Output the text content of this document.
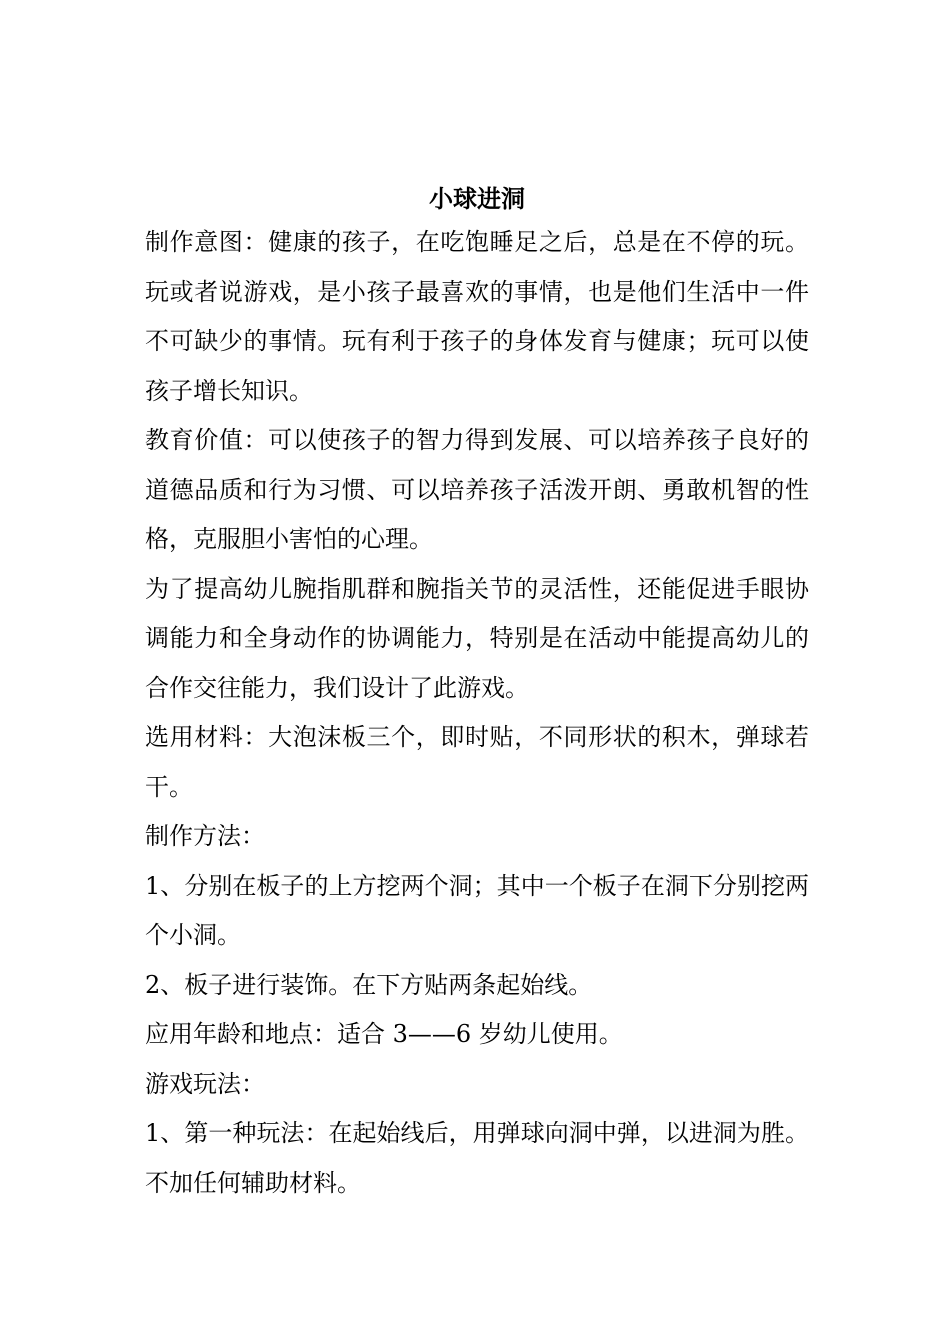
小球进洞

制作意图：健康的孩子，在吃饱睡足之后，总是在不停的玩。玩或者说游戏，是小孩子最喜欢的事情，也是他们生活中一件不可缺少的事情。玩有利于孩子的身体发育与健康；玩可以使孩子增长知识。

教育价值：可以使孩子的智力得到发展、可以培养孩子良好的道德品质和行为习惯、可以培养孩子活泼开朗、勇敢机智的性格，克服胆小害怕的心理。

为了提高幼儿腕指肌群和腕指关节的灵活性，还能促进手眼协调能力和全身动作的协调能力，特别是在活动中能提高幼儿的合作交往能力，我们设计了此游戏。

选用材料：大泡沫板三个，即时贴，不同形状的积木，弹球若干。

制作方法：

1、分别在板子的上方挖两个洞；其中一个板子在洞下分别挖两个小洞。

2、板子进行装饰。在下方贴两条起始线。

应用年龄和地点：适合 3——6 岁幼儿使用。

游戏玩法：

1、第一种玩法：在起始线后，用弹球向洞中弹，以进洞为胜。不加任何辅助材料。
